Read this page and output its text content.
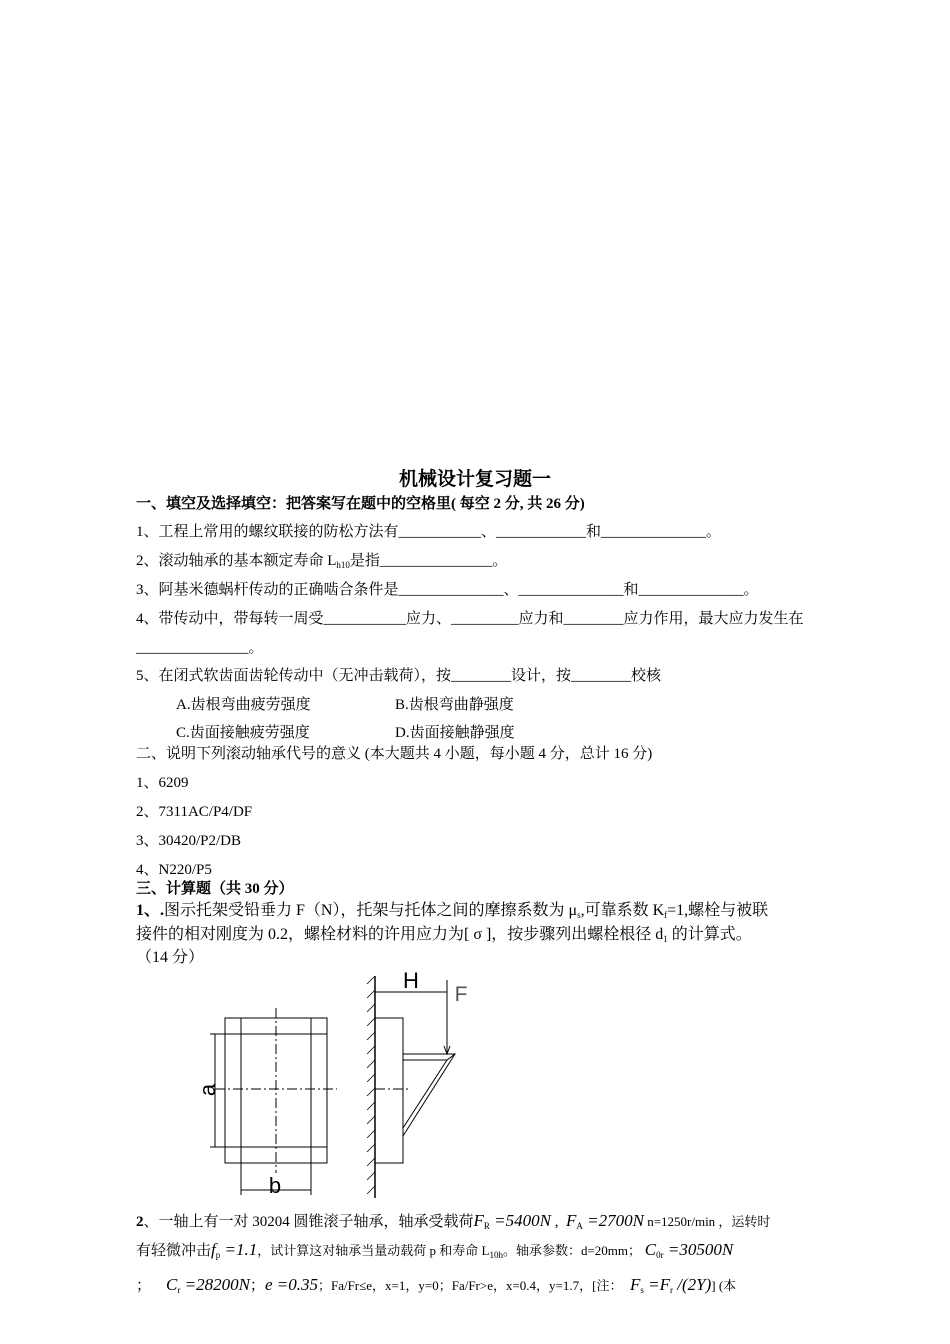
机械设计复习题一
一、填空及选择填空：把答案写在题中的空格里( 每空 2 分, 共 26 分)
1、工程上常用的螺纹联接的防松方法有___________、____________和______________。
2、滚动轴承的基本额定寿命 $L_{h10}$是指_______________。
3、阿基米德蜗杆传动的正确啮合条件是______________、______________和______________。
4、带传动中，带每转一周受___________应力、_________应力和________应力作用，最大应力发生在
_______________。
5、在闭式软齿面齿轮传动中（无冲击载荷），按________设计，按________校核
A.齿根弯曲疲劳强度	B.齿根弯曲静强度
C.齿面接触疲劳强度	D.齿面接触静强度
二、说明下列滚动轴承代号的意义 (本大题共 4 小题，每小题 4 分，总计 16 分)
1、6209
2、7311AC/P4/DF
3、30420/P2/DB
4、N220/P5
三、计算题（共 30 分）
1、.图示托架受铅垂力 F（N），托架与托体之间的摩擦系数为 $\mu_s$,可靠系数 $K_f=1$,螺栓与被联
接件的相对刚度为 0.2，螺栓材料的许用应力为[ σ ]，按步骤列出螺栓根径 $d_1$ 的计算式。
（14 分）
H
F
a
b
2、一轴上有一对 30204 圆锥滚子轴承，轴承受载荷$F_R =5400N$ , $F_A =2700N$ n=1250r/min ，运转时
有轻微冲击$f_p =1.1$，试计算这对轴承当量动载荷 p 和寿命 $L_{10h}$。轴承参数：d=20mm； $C_{0r} =30500N$
； $C_r =28200N$；e =0.35；Fa/Fr≤e，x=1，y=0；Fa/Fr>e，x=0.4，y=1.7，[注： $F_s =F_r$ /(2Y)] (本
